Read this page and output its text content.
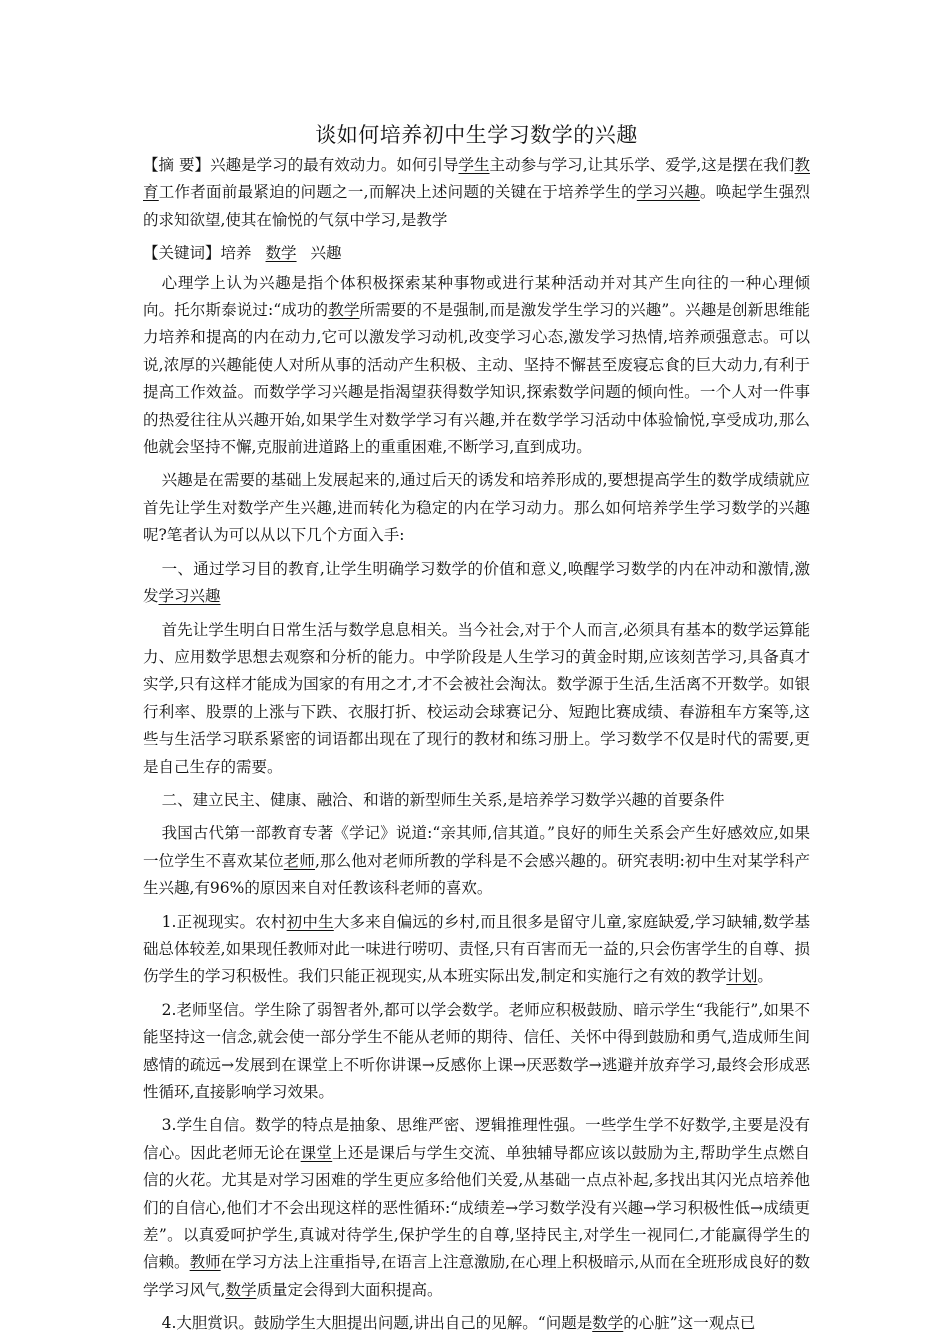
谈如何培养初中生学习数学的兴趣

【摘 要】兴趣是学习的最有效动力。如何引导学生主动参与学习,让其乐学、爱学,这是摆在我们教育工作者面前最紧迫的问题之一,而解决上述问题的关键在于培养学生的学习兴趣。唤起学生强烈的求知欲望,使其在愉悦的气氛中学习,是教学

【关键词】培养 数学 兴趣

心理学上认为兴趣是指个体积极探索某种事物或进行某种活动并对其产生向往的一种心理倾向。托尔斯泰说过:“成功的教学所需要的不是强制,而是激发学生学习的兴趣”。兴趣是创新思维能力培养和提高的内在动力,它可以激发学习动机,改变学习心态,激发学习热情,培养顽强意志。可以说,浓厚的兴趣能使人对所从事的活动产生积极、主动、坚持不懈甚至废寝忘食的巨大动力,有利于提高工作效益。而数学学习兴趣是指渴望获得数学知识,探索数学问题的倾向性。一个人对一件事的热爱往往从兴趣开始,如果学生对数学学习有兴趣,并在数学学习活动中体验愉悦,享受成功,那么他就会坚持不懈,克服前进道路上的重重困难,不断学习,直到成功。

兴趣是在需要的基础上发展起来的,通过后天的诱发和培养形成的,要想提高学生的数学成绩就应首先让学生对数学产生兴趣,进而转化为稳定的内在学习动力。那么如何培养学生学习数学的兴趣呢?笔者认为可以从以下几个方面入手:

一、通过学习目的教育,让学生明确学习数学的价值和意义,唤醒学习数学的内在冲动和激情,激发学习兴趣

首先让学生明白日常生活与数学息息相关。当今社会,对于个人而言,必须具有基本的数学运算能力、应用数学思想去观察和分析的能力。中学阶段是人生学习的黄金时期,应该刻苦学习,具备真才实学,只有这样才能成为国家的有用之才,才不会被社会淘汰。数学源于生活,生活离不开数学。如银行利率、股票的上涨与下跌、衣服打折、校运动会球赛记分、短跑比赛成绩、春游租车方案等,这些与生活学习联系紧密的词语都出现在了现行的教材和练习册上。学习数学不仅是时代的需要,更是自己生存的需要。

二、建立民主、健康、融洽、和谐的新型师生关系,是培养学习数学兴趣的首要条件

我国古代第一部教育专著《学记》说道:“亲其师,信其道。”良好的师生关系会产生好感效应,如果一位学生不喜欢某位老师,那么他对老师所教的学科是不会感兴趣的。研究表明:初中生对某学科产生兴趣,有96%的原因来自对任教该科老师的喜欢。

1.正视现实。农村初中生大多来自偏远的乡村,而且很多是留守儿童,家庭缺爱,学习缺辅,数学基础总体较差,如果现任教师对此一味进行唠叨、责怪,只有百害而无一益的,只会伤害学生的自尊、损伤学生的学习积极性。我们只能正视现实,从本班实际出发,制定和实施行之有效的教学计划。

2.老师坚信。学生除了弱智者外,都可以学会数学。老师应积极鼓励、暗示学生“我能行”,如果不能坚持这一信念,就会使一部分学生不能从老师的期待、信任、关怀中得到鼓励和勇气,造成师生间感情的疏远→发展到在课堂上不听你讲课→反感你上课→厌恶数学→逃避并放弃学习,最终会形成恶性循环,直接影响学习效果。

3.学生自信。数学的特点是抽象、思维严密、逻辑推理性强。一些学生学不好数学,主要是没有信心。因此老师无论在课堂上还是课后与学生交流、单独辅导都应该以鼓励为主,帮助学生点燃自信的火花。尤其是对学习困难的学生更应多给他们关爱,从基础一点点补起,多找出其闪光点培养他们的自信心,他们才不会出现这样的恶性循环:“成绩差→学习数学没有兴趣→学习积极性低→成绩更差”。以真爱呵护学生,真诚对待学生,保护学生的自尊,坚持民主,对学生一视同仁,才能赢得学生的信赖。教师在学习方法上注重指导,在语言上注意激励,在心理上积极暗示,从而在全班形成良好的数学学习风气,数学质量定会得到大面积提高。

4.大胆赏识。鼓励学生大胆提出问题,讲出自己的见解。“问题是数学的心脏”这一观点已
